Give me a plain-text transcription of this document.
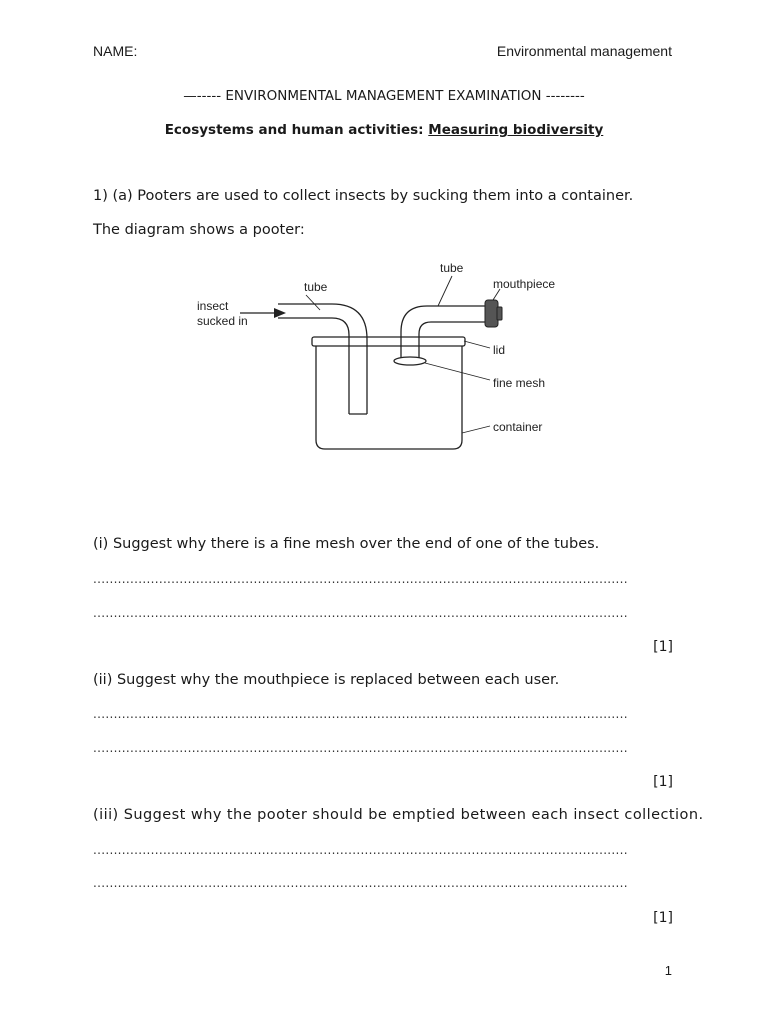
NAME:	Environmental management
—----- ENVIRONMENTAL MANAGEMENT EXAMINATION --------
Ecosystems and human activities: Measuring biodiversity
1) (a) Pooters are used to collect insects by sucking them into a container.
The diagram shows a pooter:
insect
sucked in
tube
tube
mouthpiece
lid
fine mesh
container
(i) Suggest why there is a fine mesh over the end of one of the tubes.
..................................................................................................................................
..................................................................................................................................
[1]
(ii) Suggest why the mouthpiece is replaced between each user.
..................................................................................................................................
..................................................................................................................................
[1]
(iii) Suggest why the pooter should be emptied between each insect collection.
..................................................................................................................................
..................................................................................................................................
[1]
1
